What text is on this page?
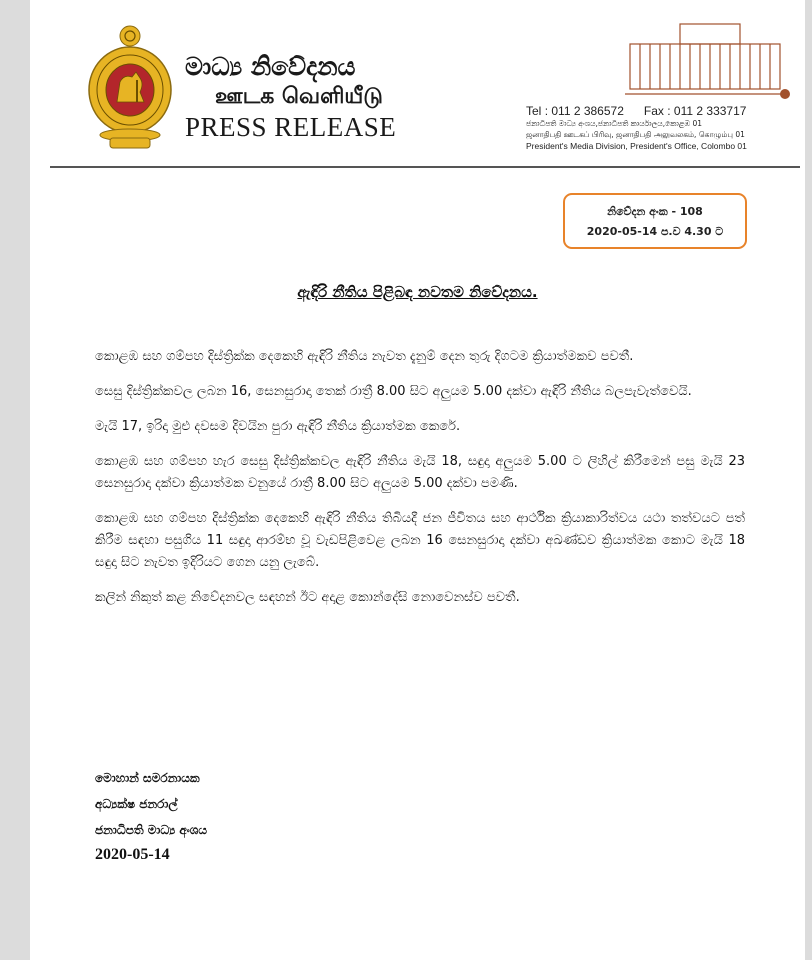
මාධ්‍ය නිවේදනය
ஊடக வெளியீடு
PRESS RELEASE
Tel : 011 2 386572 Fax : 011 2 333717
ජනාධිපති මාධ්‍ය අංශය,ජනාධිපති කාර්යාලය,කොළඹ 01
ஜனாதிபதி ஊடகப் பிரிவு, ஜனாதிபதி அலுவலகம், கொழும்பு 01
President's Media Division, President's Office, Colombo 01
නිවේදන අංක - 108
2020-05-14 ප.ව 4.30 ට
ඇඳිරි නීතිය පිළිබඳ නවතම නිවේදනය.

කොළඹ සහ ගම්පහ දිස්ත්‍රික්ක දෙකෙහි ඇඳිරි නීතිය නැවත දැනුම් දෙන තුරු දිගටම ක්‍රියාත්මකව පවතී.

සෙසු දිස්ත්‍රික්කවල ලබන 16, සෙනසුරාදා තෙක් රාත්‍රී 8.00 සිට අලුයම 5.00 දක්වා ඇඳිරි නීතිය බලපැවැත්වෙයි.

මැයි 17, ඉරිදා මුළු දවසම දිවයින පුරා ඇඳිරි නීතිය ක්‍රියාත්මක කෙරේ.

කොළඹ සහ ගම්පහ හැර සෙසු දිස්ත්‍රික්කවල ඇඳිරි නීතිය මැයි 18, සඳුදා අලුයම 5.00 ට ලිහිල් කිරීමෙන් පසු මැයි 23 සෙනසුරාදා දක්වා ක්‍රියාත්මක වනුයේ රාත්‍රී 8.00 සිට අලුයම 5.00 දක්වා පමණි.

කොළඹ සහ ගම්පහ දිස්ත්‍රික්ක දෙකෙහි ඇඳිරි නීතිය තිබියදී ජන ජීවිතය සහ ආර්ථික ක්‍රියාකාරිත්වය යථා තත්වයට පත් කිරීම සඳහා පසුගිය 11 සඳුදා ආරම්භ වූ වැඩපිළිවෙළ ලබන 16 සෙනසුරාදා දක්වා අඛණ්ඩව ක්‍රියාත්මක කොට මැයි 18 සඳුදා සිට නැවත ඉදිරියට ගෙන යනු ලැබේ.

කලින් නිකුත් කළ නිවේදනවල සඳහන් ඊට අදාළ කොන්දේසි නොවෙනස්ව පවතී.

මොහාන් සමරනායක
අධ්‍යක්ෂ ජනරාල්
ජනාධිපති මාධ්‍ය අංශය
2020-05-14
